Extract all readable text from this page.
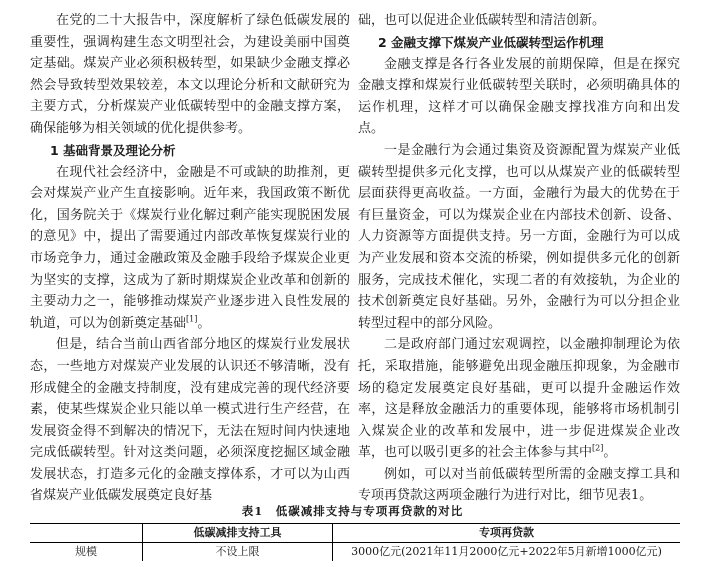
在党的二十大报告中，深度解析了绿色低碳发展的重要性，强调构建生态文明型社会，为建设美丽中国奠定基础。煤炭产业必须积极转型，如果缺少金融支撑必然会导致转型效果较差，本文以理论分析和文献研究为主要方式，分析煤炭产业低碳转型中的金融支撑方案，确保能够为相关领域的优化提供参考。

1 基础背景及理论分析

在现代社会经济中，金融是不可或缺的助推剂，更会对煤炭产业产生直接影响。近年来，我国政策不断优化，国务院关于《煤炭行业化解过剩产能实现脱困发展的意见》中，提出了需要通过内部改革恢复煤炭行业的市场竞争力，通过金融政策及金融手段给予煤炭企业更为坚实的支撑，这成为了新时期煤炭企业改革和创新的主要动力之一，能够推动煤炭产业逐步进入良性发展的轨道，可以为创新奠定基础[1]。

但是，结合当前山西省部分地区的煤炭行业发展状态，一些地方对煤炭产业发展的认识还不够清晰，没有形成健全的金融支持制度，没有建成完善的现代经济要素，使某些煤炭企业只能以单一模式进行生产经营，在发展资金得不到解决的情况下，无法在短时间内快速地完成低碳转型。针对这类问题，必须深度挖掘区域金融发展状态，打造多元化的金融支撑体系，才可以为山西省煤炭产业低碳发展奠定良好基

础，也可以促进企业低碳转型和清洁创新。

2 金融支撑下煤炭产业低碳转型运作机理

金融支撑是各行各业发展的前期保障，但是在探究金融支撑和煤炭行业低碳转型关联时，必须明确具体的运作机理，这样才可以确保金融支撑找准方向和出发点。

一是金融行为会通过集资及资源配置为煤炭产业低碳转型提供多元化支撑，也可以从煤炭产业的低碳转型层面获得更高收益。一方面，金融行为最大的优势在于有巨量资金，可以为煤炭企业在内部技术创新、设备、人力资源等方面提供支持。另一方面，金融行为可以成为产业发展和资本交流的桥梁，例如提供多元化的创新服务，完成技术催化，实现二者的有效接轨，为企业的技术创新奠定良好基础。另外，金融行为可以分担企业转型过程中的部分风险。

二是政府部门通过宏观调控，以金融抑制理论为依托，采取措施，能够避免出现金融压抑现象，为金融市场的稳定发展奠定良好基础，更可以提升金融运作效率，这是释放金融活力的重要体现，能够将市场机制引入煤炭企业的改革和发展中，进一步促进煤炭企业改革，也可以吸引更多的社会主体参与其中[2]。

例如，可以对当前低碳转型所需的金融支撑工具和专项再贷款这两项金融行为进行对比，细节见表1。

表1　低碳减排支持与专项再贷款的对比
	低碳减排支持工具	专项再贷款
规模	不设上限	3000亿元(2021年11月2000亿元+2022年5月新增1000亿元)
